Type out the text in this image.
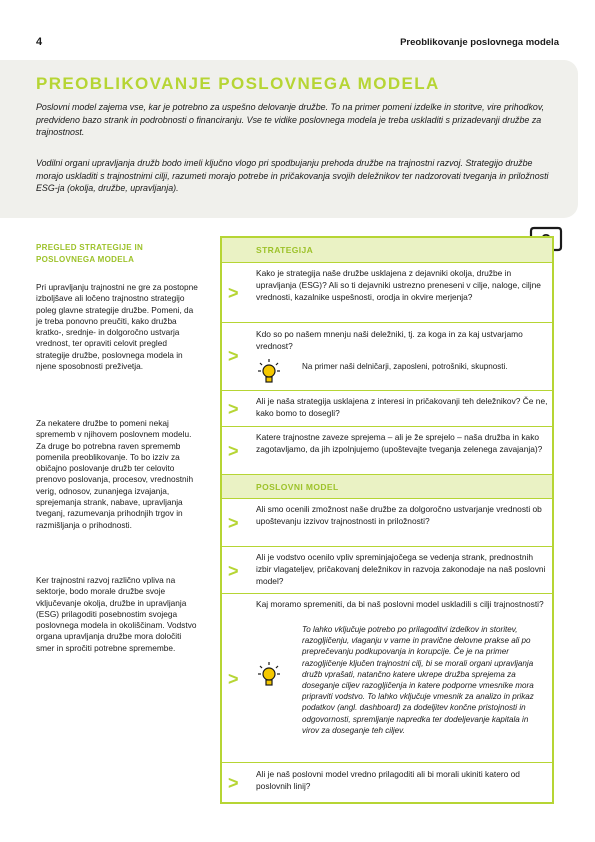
4	Preoblikovanje poslovnega modela
PREOBLIKOVANJE POSLOVNEGA MODELA

Poslovni model zajema vse, kar je potrebno za uspešno delovanje družbe. To na primer pomeni izdelke in storitve, vire prihodkov, predvideno bazo strank in podrobnosti o financiranju. Vse te vidike poslovnega modela je treba uskladiti s prizadevanji družbe za trajnostnost.

Vodilni organi upravljanja družb bodo imeli ključno vlogo pri spodbujanju prehoda družbe na trajnostni razvoj. Strategijo družbe morajo uskladiti s trajnostnimi cilji, razumeti morajo potrebe in pričakovanja svojih deležnikov ter nadzorovati tveganja in priložnosti ESG-ja (okolja, družbe, upravljanja).

PREGLED STRATEGIJE IN POSLOVNEGA MODELA

Pri upravljanju trajnostni ne gre za postopne izboljšave ali ločeno trajnostno strategijo poleg glavne strategije družbe. Pomeni, da je treba ponovno preučiti, kako družba kratko-, srednje- in dolgoročno ustvarja vrednost, ter opraviti celovit pregled strategije družbe, poslovnega modela in njene sposobnosti preživetja.

Za nekatere družbe to pomeni nekaj sprememb v njihovem poslovnem modelu. Za druge bo potrebna raven sprememb pomenila preoblikovanje. To bo izziv za običajno poslovanje družb ter celovito prenovo poslovanja, procesov, vrednostnih verig, odnosov, zunanjega izvajanja, sprejemanja strank, nabave, upravljanja tveganj, razumevanja prihodnjih trgov in razmišljanja o prihodnosti.

Ker trajnostni razvoj različno vpliva na sektorje, bodo morale družbe svoje vključevanje okolja, družbe in upravljanja (ESG) prilagoditi posebnostim svojega poslovnega modela in okoliščinam. Vodstvo organa upravljanja družbe mora določiti smer in spročiti potrebne spremembe.

STRATEGIJA
>

Kako je strategija naše družbe usklajena z dejavniki okolja, družbe in upravljanja (ESG)? Ali so ti dejavniki ustrezno preneseni v cilje, naloge, ciljne vrednosti, kazalnike uspešnosti, orodja in okvire merjenja?

>

Kdo so po našem mnenju naši deležniki, tj. za koga in za kaj ustvarjamo vrednost?

Na primer naši delničarji, zaposleni, potrošniki, skupnosti.

>	Ali je naša strategija usklajena z interesi in pričakovanji teh deležnikov? Če ne, kako bomo to dosegli?

>

Katere trajnostne zaveze sprejema – ali je že sprejelo – naša družba in kako zagotavljamo, da jih izpolnjujemo (upoštevajte tveganja zelenega zavajanja)?

POSLOVNI MODEL
>

Ali smo ocenili zmožnost naše družbe za dolgoročno ustvarjanje vrednosti ob upoštevanju izzivov trajnostnosti in priložnosti?

>

Ali je vodstvo ocenilo vpliv spreminjajočega se vedenja strank, prednostnih izbir vlagateljev, pričakovanj deležnikov in razvoja zakonodaje na naš poslovni model?

>

Kaj moramo spremeniti, da bi naš poslovni model uskladili s cilji trajnostnosti?

To lahko vključuje potrebo po prilagoditvi izdelkov in storitev, razogljičenju, vlaganju v varne in pravične delovne prakse ali po preprečevanju podkupovanja in korupcije. Če je na primer razogljičenje ključen trajnostni cilj, bi se morali organi upravljanja družb vprašati, natančno katere ukrepe družba sprejema za doseganje ciljev razogljičenja in katere podporne vmesnike mora pripraviti vodstvo. To lahko vključuje vmesnik za analizo in prikaz podatkov (angl. dashboard) za dodeljitev končne pristojnosti in odgovornosti, spremljanje napredka ter dodeljevanje kapitala in virov za doseganje teh ciljev.

>	Ali je naš poslovni model vredno prilagoditi ali bi morali ukiniti katero od poslovnih linij?
